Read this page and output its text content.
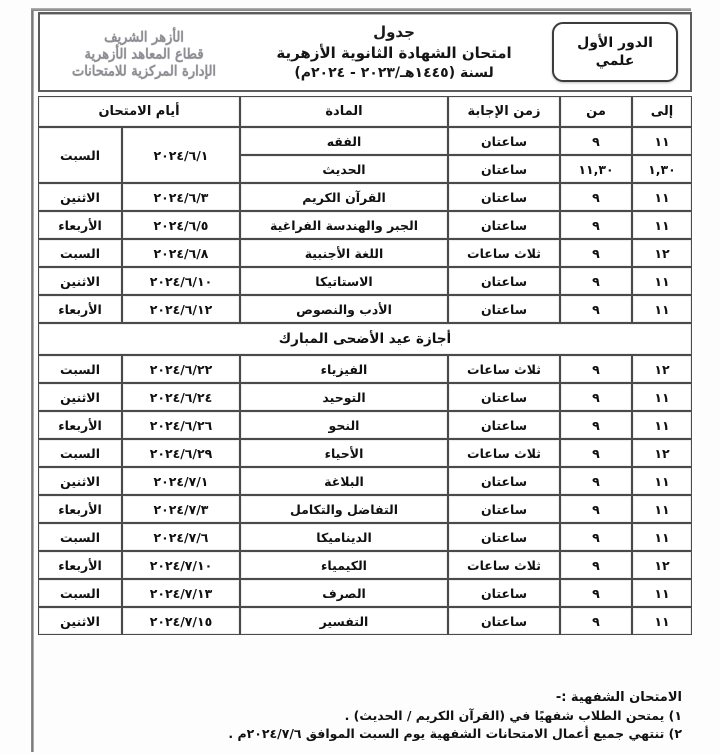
الأزهر الشريف
قطاع المعاهد الأزهرية
الإدارة المركزية للامتحانات
جدول
امتحان الشهادة الثانوية الأزهرية
لسنة (١٤٤٥هـ/٢٠٢٣ - ٢٠٢٤م)
الدور الأول
علمي
إلى	من	زمن الإجابة	المادة	أيام الامتحان	
١١	٩	ساعتان	الفقه	٢٠٢٤/٦/١	السبت
١,٣٠	١١,٣٠	ساعتان	الحديث		
١١	٩	ساعتان	القرآن الكريم	٢٠٢٤/٦/٣	الاثنين
١١	٩	ساعتان	الجبر والهندسة الفراغية	٢٠٢٤/٦/٥	الأربعاء
١٢	٩	ثلاث ساعات	اللغة الأجنبية	٢٠٢٤/٦/٨	السبت
١١	٩	ساعتان	الاستاتيكا	٢٠٢٤/٦/١٠	الاثنين
١١	٩	ساعتان	الأدب والنصوص	٢٠٢٤/٦/١٢	الأربعاء
أجازة عيد الأضحى المبارك					
١٢	٩	ثلاث ساعات	الفيزياء	٢٠٢٤/٦/٢٢	السبت
١١	٩	ساعتان	التوحيد	٢٠٢٤/٦/٢٤	الاثنين
١١	٩	ساعتان	النحو	٢٠٢٤/٦/٢٦	الأربعاء
١٢	٩	ثلاث ساعات	الأحياء	٢٠٢٤/٦/٢٩	السبت
١١	٩	ساعتان	البلاغة	٢٠٢٤/٧/١	الاثنين
١١	٩	ساعتان	التفاضل والتكامل	٢٠٢٤/٧/٣	الأربعاء
١١	٩	ساعتان	الديناميكا	٢٠٢٤/٧/٦	السبت
١٢	٩	ثلاث ساعات	الكيمياء	٢٠٢٤/٧/١٠	الأربعاء
١١	٩	ساعتان	الصرف	٢٠٢٤/٧/١٣	السبت
١١	٩	ساعتان	التفسير	٢٠٢٤/٧/١٥	الاثنين
الامتحان الشفهية :-
١) يمتحن الطلاب شفهيًا في (القرآن الكريم / الحديث) .
٢) تنتهي جميع أعمال الامتحانات الشفهية يوم السبت الموافق ٢٠٢٤/٧/٦م .
